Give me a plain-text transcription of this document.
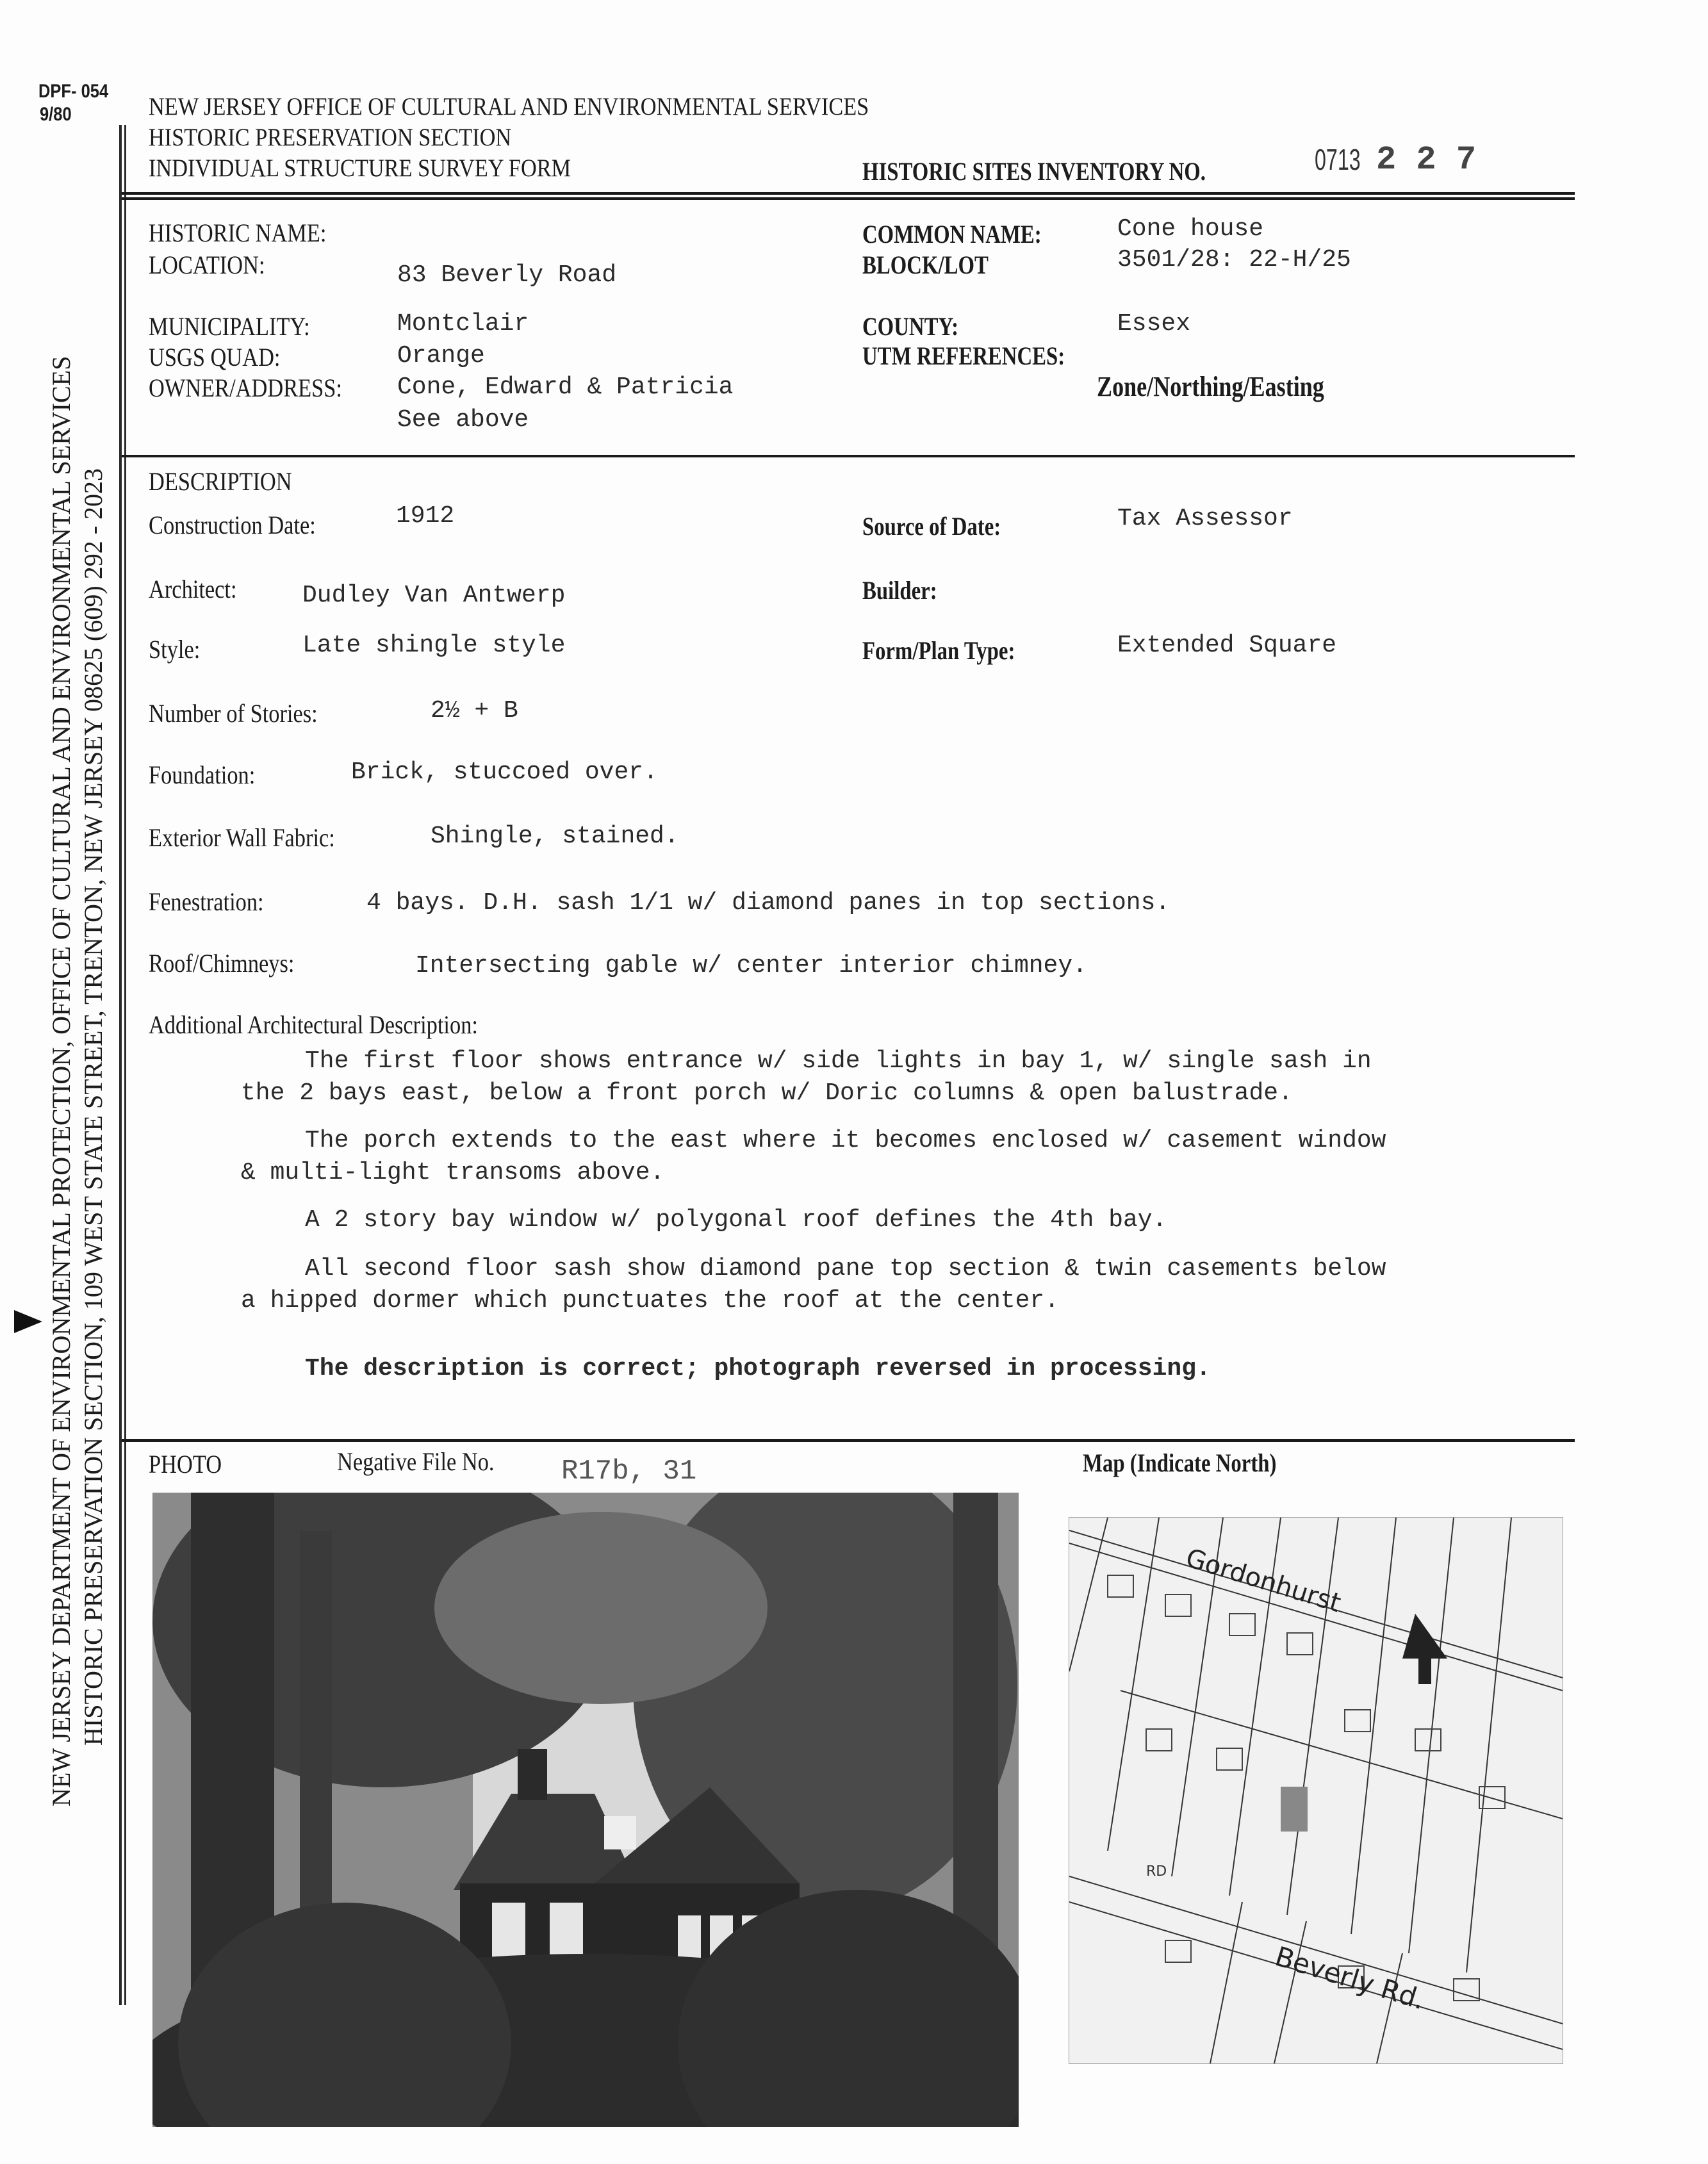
DPF- 054
9/80	NEW JERSEY OFFICE OF CULTURAL AND ENVIRONMENTAL SERVICES
HISTORIC PRESERVATION SECTION
INDIVIDUAL STRUCTURE SURVEY FORM	HISTORIC SITES INVENTORY NO.	0713 2 2 7
NEW JERSEY DEPARTMENT OF ENVIRONMENTAL PROTECTION, OFFICE OF CULTURAL AND ENVIRONMENTAL SERVICES HISTORIC PRESERVATION SECTION, 109 WEST STATE STREET, TRENTON, NEW JERSEY 08625 (609) 292 - 2023
HISTORIC NAME:
LOCATION:	83 Beverly Road
MUNICIPALITY:	Montclair
USGS QUAD:	Orange
OWNER/ADDRESS: Cone, Edward & Patricia
See above
COMMON NAME:	Cone house
BLOCK/LOT	3501/28: 22-H/25
COUNTY:	Essex
UTM REFERENCES:
Zone/Northing/Easting
DESCRIPTION
Construction Date:	1912	Source of Date:	Tax Assessor
Architect:	Dudley Van Antwerp	Builder:
Style:	Late shingle style	Form/Plan Type:	Extended Square
Number of Stories:	2½ + B
Foundation:	Brick, stuccoed over.
Exterior Wall Fabric:	Shingle, stained.
Fenestration:	4 bays. D.H. sash 1/1 w/ diamond panes in top sections.
Roof/Chimneys:	Intersecting gable w/ center interior chimney.
Additional Architectural Description:
The first floor shows entrance w/ side lights in bay 1, w/ single sash in
the 2 bays east, below a front porch w/ Doric columns & open balustrade.
The porch extends to the east where it becomes enclosed w/ casement window
& multi-light transoms above.
A 2 story bay window w/ polygonal roof defines the 4th bay.
All second floor sash show diamond pane top section & twin casements below
a hipped dormer which punctuates the roof at the center.
The description is correct; photograph reversed in processing.
PHOTO	Negative File No. R17b, 31	Map (Indicate North)
Gordonhurst
Beverly Rd.
RD
